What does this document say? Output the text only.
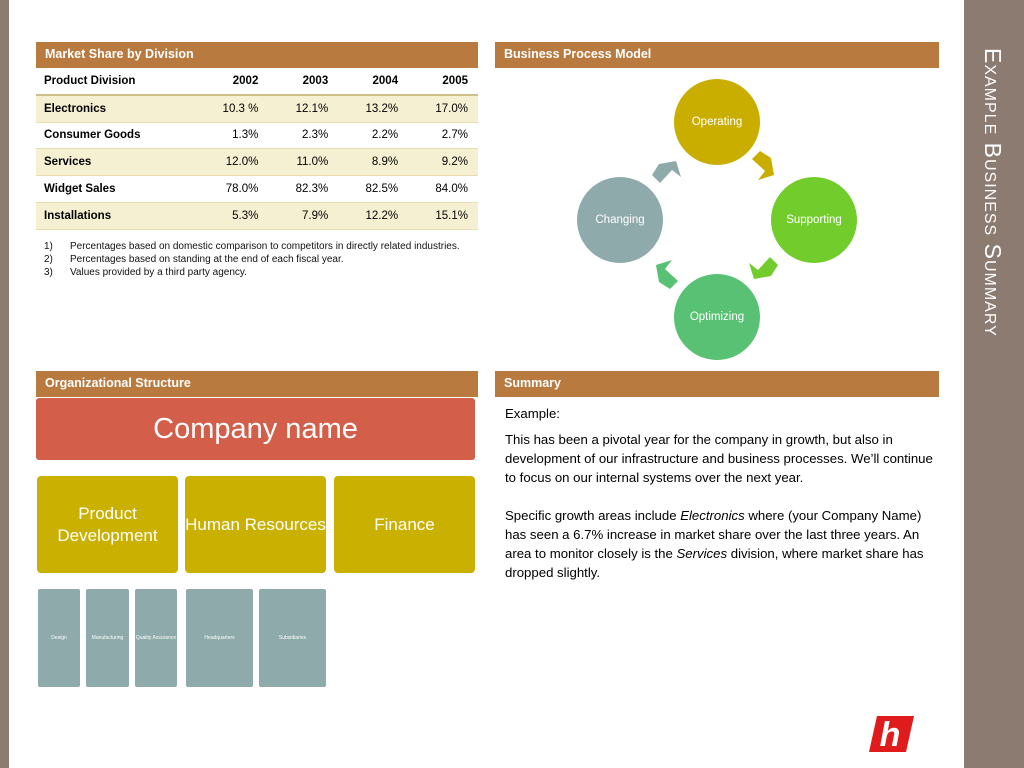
Example Business Summary
Market Share by Division
Product Division	2002	2003	2004	2005
Electronics	10.3 %	12.1%	13.2%	17.0%
Consumer Goods	1.3%	2.3%	2.2%	2.7%
Services	12.0%	11.0%	8.9%	9.2%
Widget Sales	78.0%	82.3%	82.5%	84.0%
Installations	5.3%	7.9%	12.2%	15.1%
1)	Percentages based on domestic comparison to competitors in directly related industries.
2)	Percentages based on standing at the end of each fiscal year.
3)	Values provided by a third party agency.
Business Process Model
Operating
Supporting
Optimizing
Changing
Organizational Structure
Company name
Product Development
Human Resources	Finance
Design	Manufacturing	Quality Assurance	Headquarters	Subsidiaries
Summary

Example:

This has been a pivotal year for the company in growth, but also in development of our infrastructure and business processes. We’ll continue to focus on our internal systems over the next year.

Specific growth areas include Electronics where (your Company Name) has seen a 6.7% increase in market share over the last three years. An area to monitor closely is the Services division, where market share has dropped slightly.

h
